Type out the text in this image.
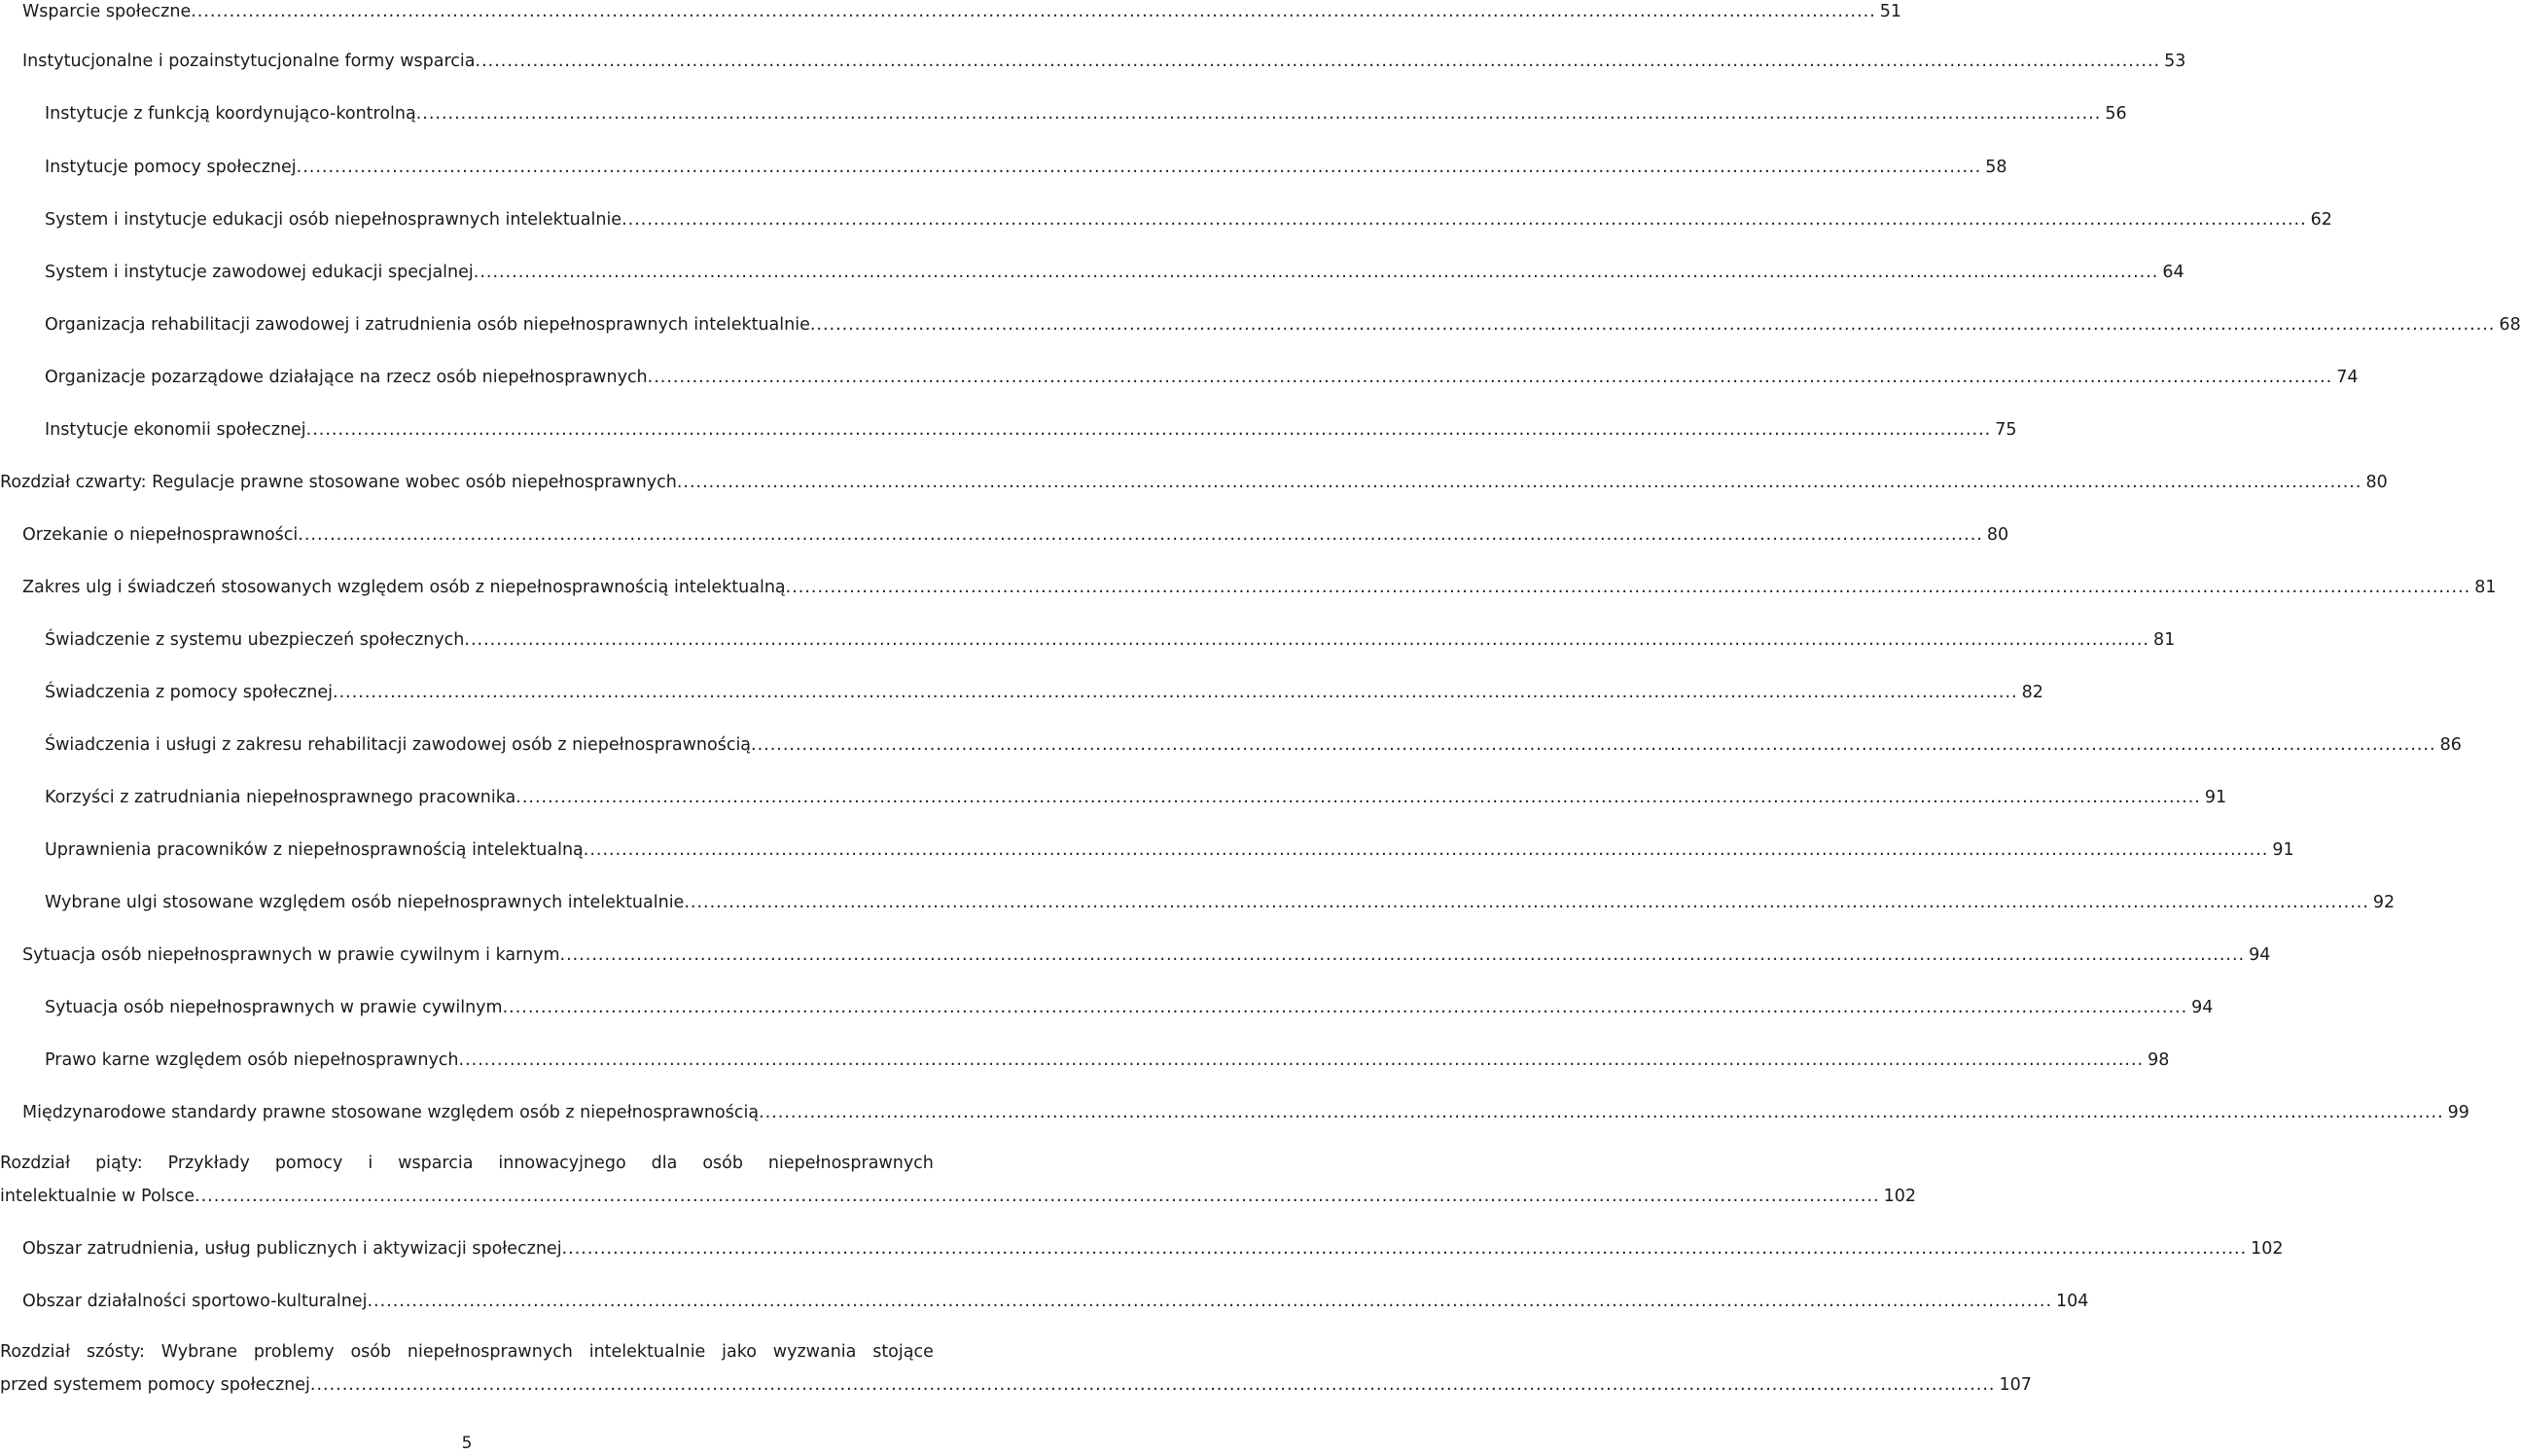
Wsparcie społeczne .....	51
Instytucjonalne i pozainstytucjonalne formy wsparcia .....	53
Instytucje z funkcją koordynująco-kontrolną .....	56
Instytucje pomocy społecznej .....	58
System i instytucje edukacji osób niepełnosprawnych intelektualnie .....	62
System i instytucje zawodowej edukacji specjalnej .....	64
Organizacja rehabilitacji zawodowej i zatrudnienia osób niepełnosprawnych intelektualnie .....	68
Organizacje pozarządowe działające na rzecz osób niepełnosprawnych .....	74
Instytucje ekonomii społecznej .....	75
Rozdział czwarty: Regulacje prawne stosowane wobec osób niepełnosprawnych .....	80
Orzekanie o niepełnosprawności .....	80
Zakres ulg i świadczeń stosowanych względem osób z niepełnosprawnością intelektualną .....	81
Świadczenie z systemu ubezpieczeń społecznych .....	81
Świadczenia z pomocy społecznej .....	82
Świadczenia i usługi z zakresu rehabilitacji zawodowej osób z niepełnosprawnością .....	86
Korzyści z zatrudniania niepełnosprawnego pracownika .....	91
Uprawnienia pracowników z niepełnosprawnością intelektualną .....	91
Wybrane ulgi stosowane względem osób niepełnosprawnych intelektualnie .....	92
Sytuacja osób niepełnosprawnych w prawie cywilnym i karnym .....	94
Sytuacja osób niepełnosprawnych w prawie cywilnym .....	94
Prawo karne względem osób niepełnosprawnych .....	98
Międzynarodowe standardy prawne stosowane względem osób z niepełnosprawnością .....	99
Rozdział piąty: Przykłady pomocy i wsparcia innowacyjnego dla osób niepełnosprawnych
intelektualnie w Polsce .....	102
Obszar zatrudnienia, usług publicznych i aktywizacji społecznej .....	102
Obszar działalności sportowo-kulturalnej .....	104
Rozdział szósty: Wybrane problemy osób niepełnosprawnych intelektualnie jako wyzwania stojące
przed systemem pomocy społecznej .....	107
5
